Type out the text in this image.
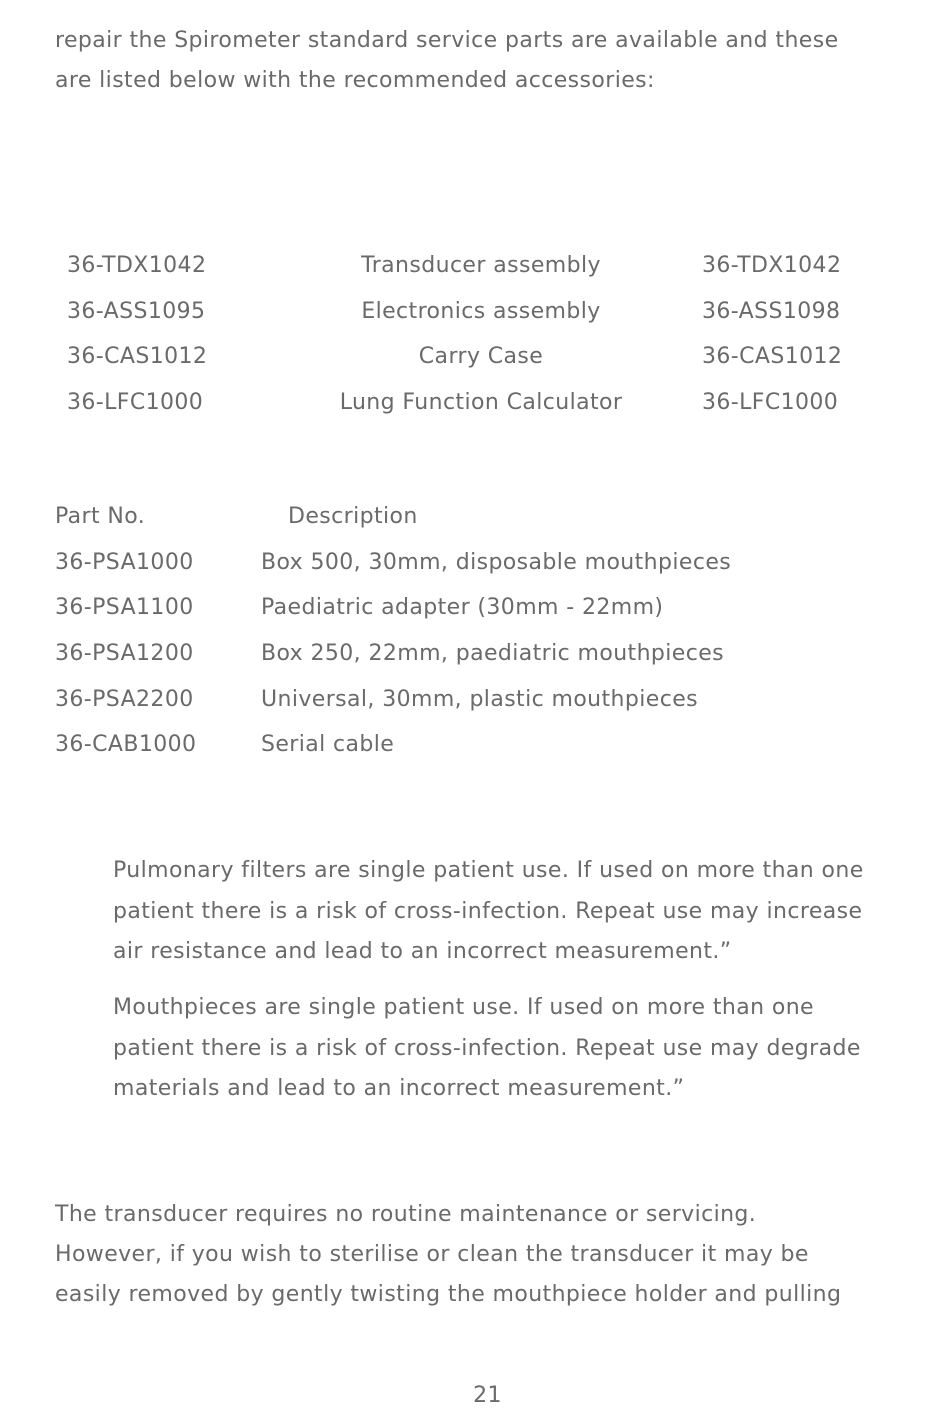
repair the Spirometer standard service parts are available and these
are listed below with the recommended accessories:
36-TDX1042	Transducer assembly	36-TDX1042
36-ASS1095	Electronics assembly	36-ASS1098
36-CAS1012	Carry Case	36-CAS1012
36-LFC1000	Lung Function Calculator	36-LFC1000
Part No.	Description
36-PSA1000	Box 500, 30mm, disposable mouthpieces
36-PSA1100	Paediatric adapter (30mm - 22mm)
36-PSA1200	Box 250, 22mm, paediatric mouthpieces
36-PSA2200	Universal, 30mm, plastic mouthpieces
36-CAB1000	Serial cable
Pulmonary filters are single patient use. If used on more than one
patient there is a risk of cross-infection. Repeat use may increase
air resistance and lead to an incorrect measurement.”
Mouthpieces are single patient use. If used on more than one
patient there is a risk of cross-infection. Repeat use may degrade
materials and lead to an incorrect measurement.”
The transducer requires no routine maintenance or servicing.
However, if you wish to sterilise or clean the transducer it may be
easily removed by gently twisting the mouthpiece holder and pulling
21
